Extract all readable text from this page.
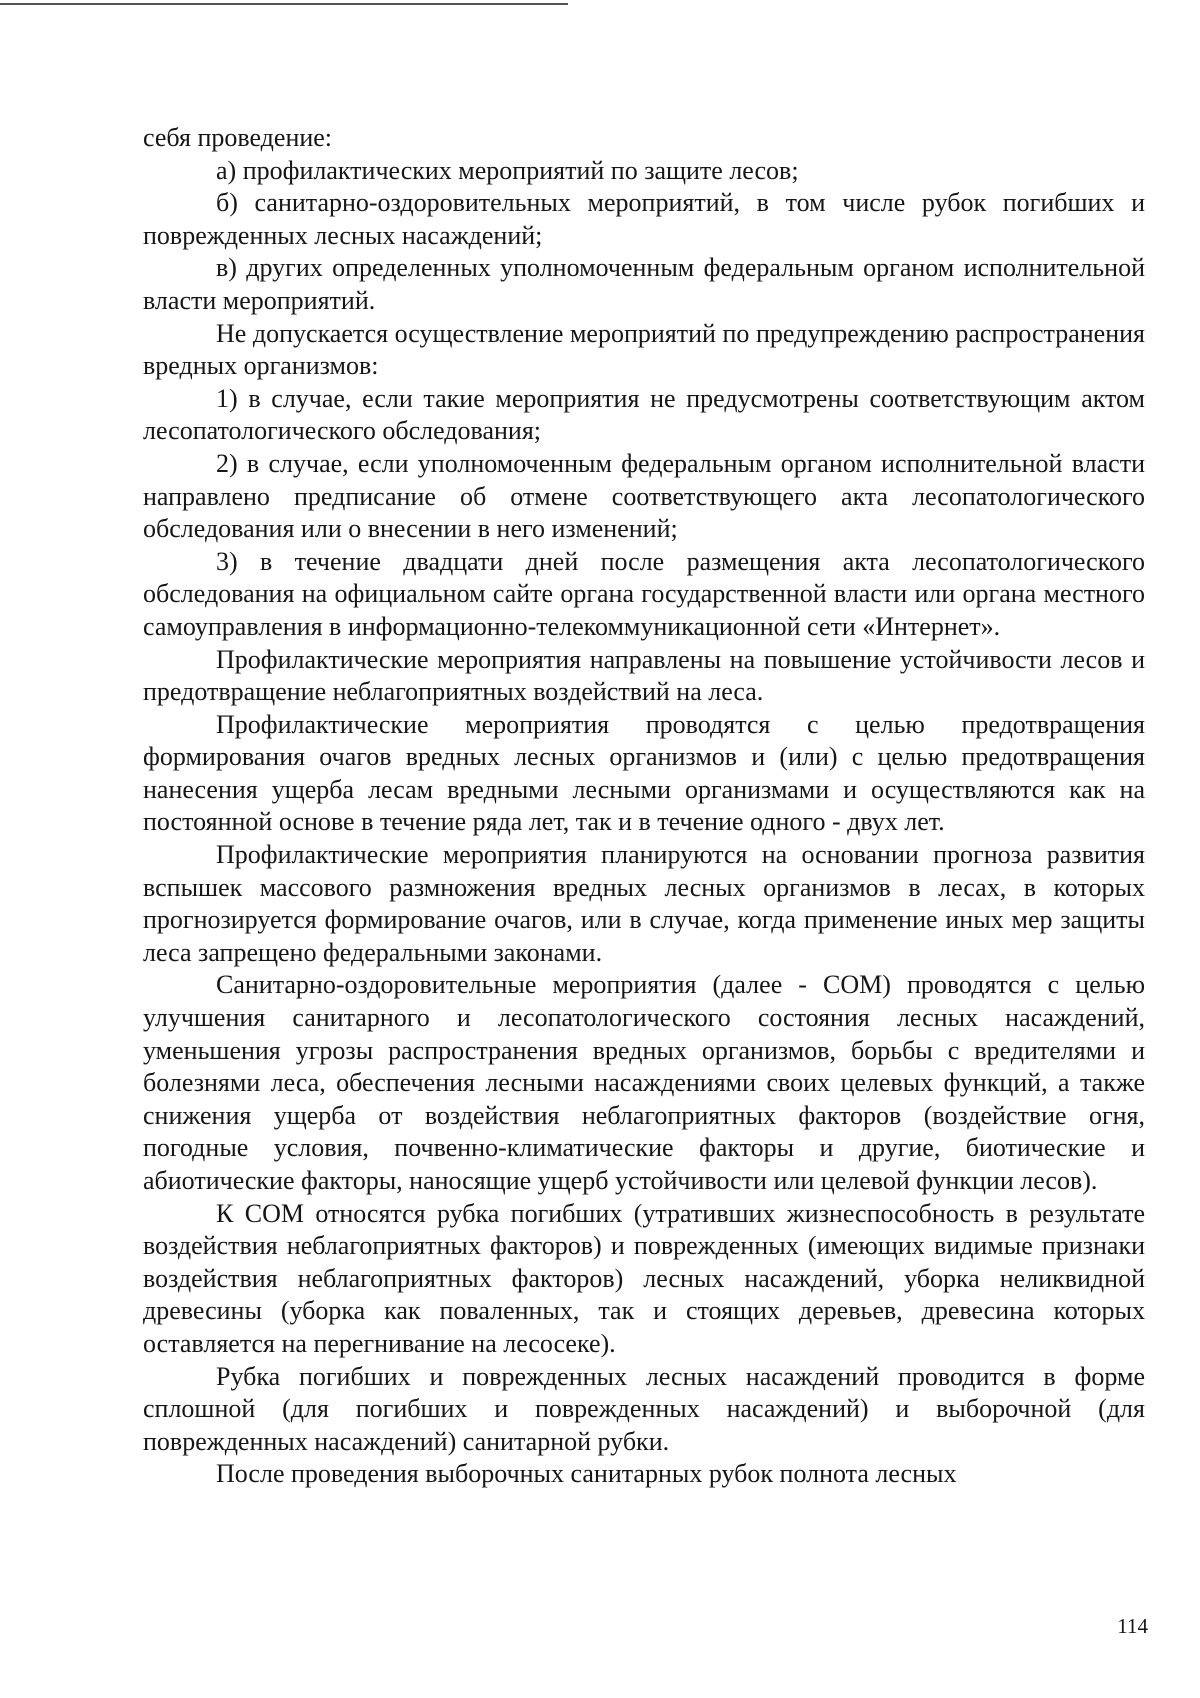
себя проведение:

а) профилактических мероприятий по защите лесов;

б) санитарно-оздоровительных мероприятий, в том числе рубок погибших и поврежденных лесных насаждений;

в) других определенных уполномоченным федеральным органом исполнительной власти мероприятий.

Не допускается осуществление мероприятий по предупреждению распространения вредных организмов:

1) в случае, если такие мероприятия не предусмотрены соответствующим актом лесопатологического обследования;

2) в случае, если уполномоченным федеральным органом исполнительной власти направлено предписание об отмене соответствующего акта лесопатологического обследования или о внесении в него изменений;

3) в течение двадцати дней после размещения акта лесопатологического обследования на официальном сайте органа государственной власти или органа местного самоуправления в информационно-телекоммуникационной сети «Интернет».

Профилактические мероприятия направлены на повышение устойчивости лесов и предотвращение неблагоприятных воздействий на леса.

Профилактические мероприятия проводятся с целью предотвращения формирования очагов вредных лесных организмов и (или) с целью предотвращения нанесения ущерба лесам вредными лесными организмами и осуществляются как на постоянной основе в течение ряда лет, так и в течение одного - двух лет.

Профилактические мероприятия планируются на основании прогноза развития вспышек массового размножения вредных лесных организмов в лесах, в которых прогнозируется формирование очагов, или в случае, когда применение иных мер защиты леса запрещено федеральными законами.

Санитарно-оздоровительные мероприятия (далее - СОМ) проводятся с целью улучшения санитарного и лесопатологического состояния лесных насаждений, уменьшения угрозы распространения вредных организмов, борьбы с вредителями и болезнями леса, обеспечения лесными насаждениями своих целевых функций, а также снижения ущерба от воздействия неблагоприятных факторов (воздействие огня, погодные условия, почвенно-климатические факторы и другие, биотические и абиотические факторы, наносящие ущерб устойчивости или целевой функции лесов).

К СОМ относятся рубка погибших (утративших жизнеспособность в результате воздействия неблагоприятных факторов) и поврежденных (имеющих видимые признаки воздействия неблагоприятных факторов) лесных насаждений, уборка неликвидной древесины (уборка как поваленных, так и стоящих деревьев, древесина которых оставляется на перегнивание на лесосеке).

Рубка погибших и поврежденных лесных насаждений проводится в форме сплошной (для погибших и поврежденных насаждений) и выборочной (для поврежденных насаждений) санитарной рубки.

После проведения выборочных санитарных рубок полнота лесных

114
